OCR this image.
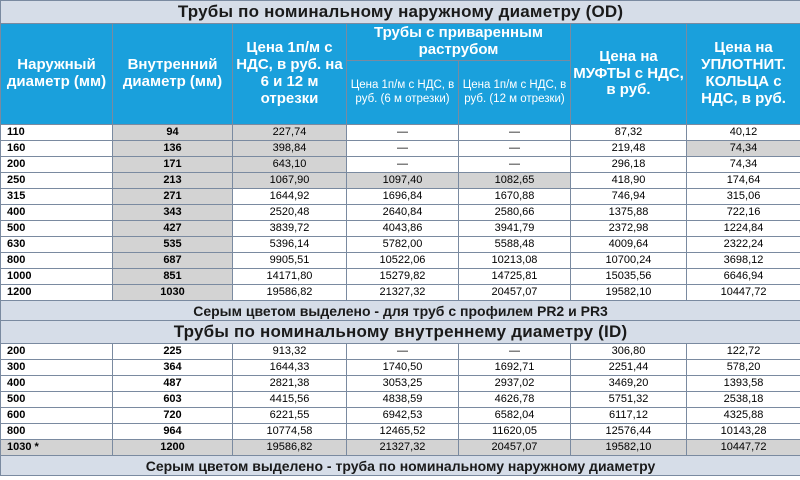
Трубы по номинальному наружному диаметру (OD)						
Наружный диаметр (мм)	Внутренний диаметр (мм)	Цена 1п/м с НДС, в руб. на 6 и 12 м отрезки	Трубы с приваренным раструбом		Цена на МУФТЫ с НДС, в руб.	Цена на УПЛОТНИТ. КОЛЬЦА с НДС, в руб.
			Цена 1п/м с НДС, в руб. (6 м отрезки)	Цена 1п/м с НДС, в руб. (12 м отрезки)		
110	94	227,74	—	—	87,32	40,12
160	136	398,84	—	—	219,48	74,34
200	171	643,10	—	—	296,18	74,34
250	213	1067,90	1097,40	1082,65	418,90	174,64
315	271	1644,92	1696,84	1670,88	746,94	315,06
400	343	2520,48	2640,84	2580,66	1375,88	722,16
500	427	3839,72	4043,86	3941,79	2372,98	1224,84
630	535	5396,14	5782,00	5588,48	4009,64	2322,24
800	687	9905,51	10522,06	10213,08	10700,24	3698,12
1000	851	14171,80	15279,82	14725,81	15035,56	6646,94
1200	1030	19586,82	21327,32	20457,07	19582,10	10447,72
Серым цветом выделено - для труб с профилем PR2 и PR3						
Трубы по номинальному внутреннему диаметру (ID)						
200	225	913,32	—	—	306,80	122,72
300	364	1644,33	1740,50	1692,71	2251,44	578,20
400	487	2821,38	3053,25	2937,02	3469,20	1393,58
500	603	4415,56	4838,59	4626,78	5751,32	2538,18
600	720	6221,55	6942,53	6582,04	6117,12	4325,88
800	964	10774,58	12465,52	11620,05	12576,44	10143,28
1030 *	1200	19586,82	21327,32	20457,07	19582,10	10447,72
Серым цветом выделено - труба по номинальному наружному диаметру						
